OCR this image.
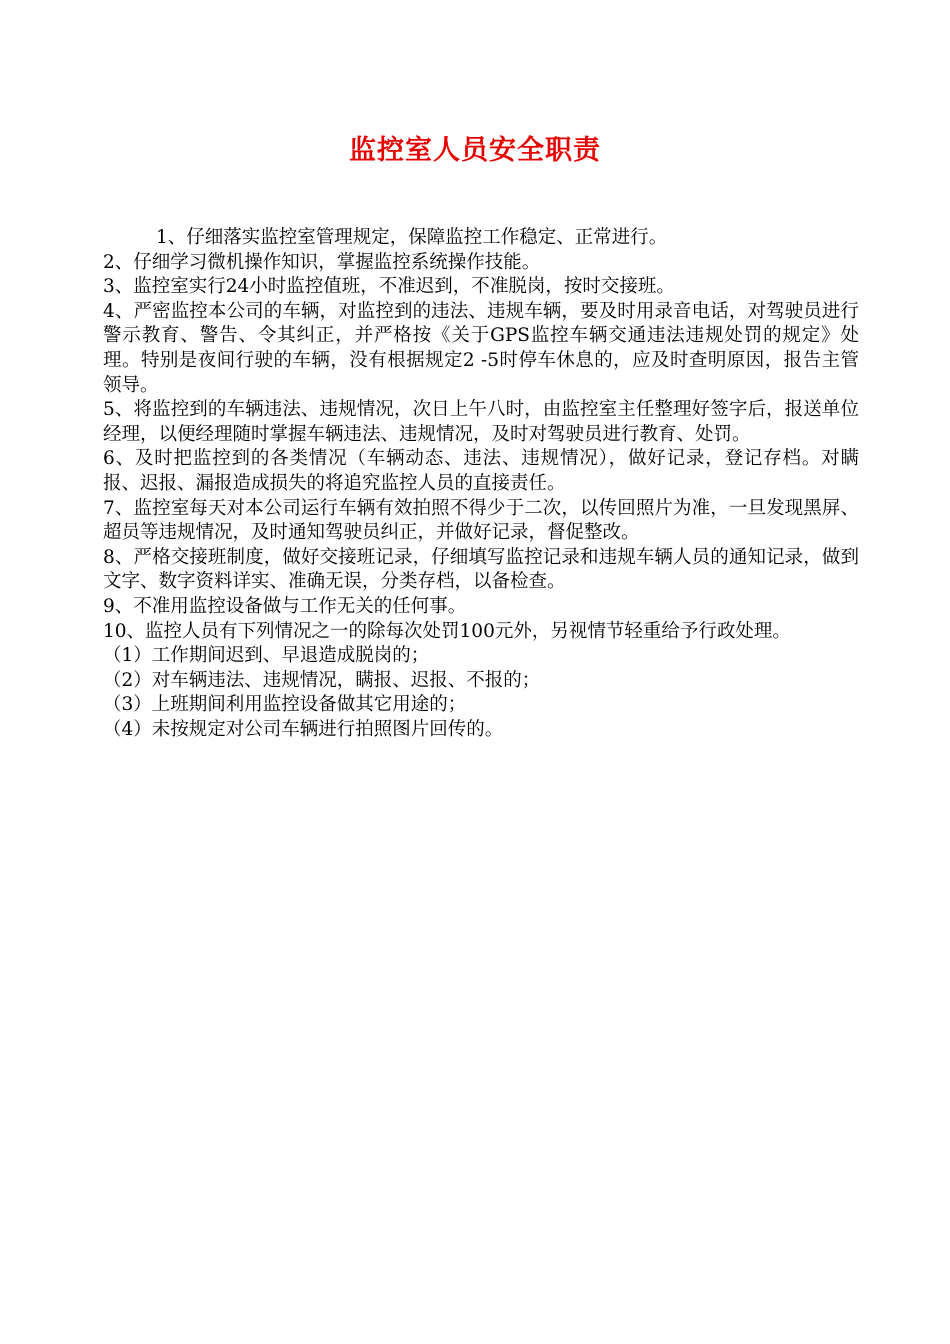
监控室人员安全职责

1、仔细落实监控室管理规定，保障监控工作稳定、正常进行。

2、仔细学习微机操作知识，掌握监控系统操作技能。

3、监控室实行24小时监控值班，不准迟到，不准脱岗，按时交接班。

4、严密监控本公司的车辆，对监控到的违法、违规车辆，要及时用录音电话，对驾驶员进行警示教育、警告、令其纠正，并严格按《关于GPS监控车辆交通违法违规处罚的规定》处理。特别是夜间行驶的车辆，没有根据规定2 -5时停车休息的，应及时查明原因，报告主管领导。

5、将监控到的车辆违法、违规情况，次日上午八时，由监控室主任整理好签字后，报送单位经理，以便经理随时掌握车辆违法、违规情况，及时对驾驶员进行教育、处罚。

6、及时把监控到的各类情况（车辆动态、违法、违规情况），做好记录，登记存档。对瞒报、迟报、漏报造成损失的将追究监控人员的直接责任。

7、监控室每天对本公司运行车辆有效拍照不得少于二次，以传回照片为准，一旦发现黑屏、超员等违规情况，及时通知驾驶员纠正，并做好记录，督促整改。

8、严格交接班制度，做好交接班记录，仔细填写监控记录和违规车辆人员的通知记录，做到文字、数字资料详实、准确无误，分类存档，以备检查。

9、不准用监控设备做与工作无关的任何事。

10、监控人员有下列情况之一的除每次处罚100元外，另视情节轻重给予行政处理。

（1）工作期间迟到、早退造成脱岗的；

（2）对车辆违法、违规情况，瞒报、迟报、不报的；

（3）上班期间利用监控设备做其它用途的；

（4）未按规定对公司车辆进行拍照图片回传的。
